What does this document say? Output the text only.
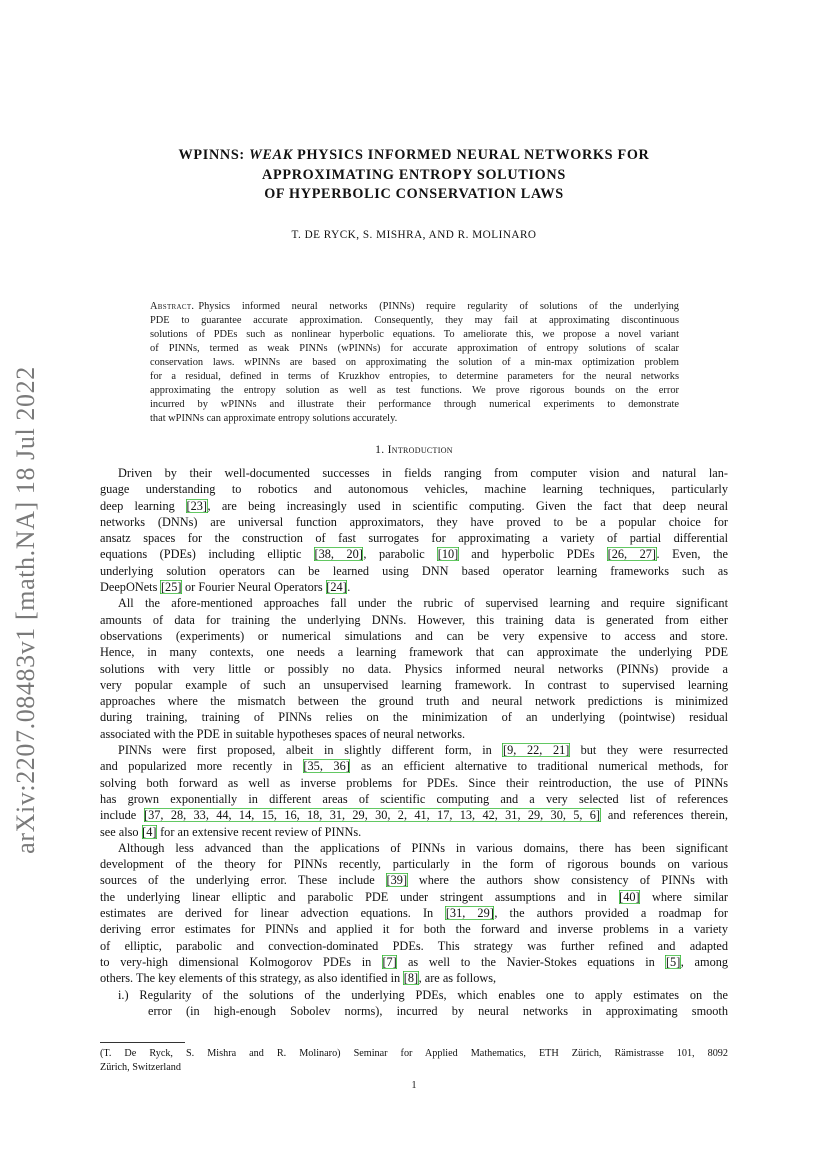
arXiv:2207.08483v1 [math.NA] 18 Jul 2022
WPINNS: WEAK PHYSICS INFORMED NEURAL NETWORKS FOR
APPROXIMATING ENTROPY SOLUTIONS
OF HYPERBOLIC CONSERVATION LAWS
T. DE RYCK, S. MISHRA, AND R. MOLINARO
Abstract. Physics informed neural networks (PINNs) require regularity of solutions of the underlying
PDE to guarantee accurate approximation. Consequently, they may fail at approximating discontinuous
solutions of PDEs such as nonlinear hyperbolic equations. To ameliorate this, we propose a novel variant
of PINNs, termed as weak PINNs (wPINNs) for accurate approximation of entropy solutions of scalar
conservation laws. wPINNs are based on approximating the solution of a min-max optimization problem
for a residual, defined in terms of Kruzkhov entropies, to determine parameters for the neural networks
approximating the entropy solution as well as test functions. We prove rigorous bounds on the error
incurred by wPINNs and illustrate their performance through numerical experiments to demonstrate
that wPINNs can approximate entropy solutions accurately.
1. Introduction
Driven by their well-documented successes in fields ranging from computer vision and natural lan-
guage understanding to robotics and autonomous vehicles, machine learning techniques, particularly
deep learning [23], are being increasingly used in scientific computing. Given the fact that deep neural
networks (DNNs) are universal function approximators, they have proved to be a popular choice for
ansatz spaces for the construction of fast surrogates for approximating a variety of partial differential
equations (PDEs) including elliptic [38, 20], parabolic [10] and hyperbolic PDEs [26, 27]. Even, the
underlying solution operators can be learned using DNN based operator learning frameworks such as
DeepONets [25] or Fourier Neural Operators [24].
All the afore-mentioned approaches fall under the rubric of supervised learning and require significant
amounts of data for training the underlying DNNs. However, this training data is generated from either
observations (experiments) or numerical simulations and can be very expensive to access and store.
Hence, in many contexts, one needs a learning framework that can approximate the underlying PDE
solutions with very little or possibly no data. Physics informed neural networks (PINNs) provide a
very popular example of such an unsupervised learning framework. In contrast to supervised learning
approaches where the mismatch between the ground truth and neural network predictions is minimized
during training, training of PINNs relies on the minimization of an underlying (pointwise) residual
associated with the PDE in suitable hypotheses spaces of neural networks.
PINNs were first proposed, albeit in slightly different form, in [9, 22, 21] but they were resurrected
and popularized more recently in [35, 36] as an efficient alternative to traditional numerical methods, for
solving both forward as well as inverse problems for PDEs. Since their reintroduction, the use of PINNs
has grown exponentially in different areas of scientific computing and a very selected list of references
include [37, 28, 33, 44, 14, 15, 16, 18, 31, 29, 30, 2, 41, 17, 13, 42, 31, 29, 30, 5, 6] and references therein,
see also [4] for an extensive recent review of PINNs.
Although less advanced than the applications of PINNs in various domains, there has been significant
development of the theory for PINNs recently, particularly in the form of rigorous bounds on various
sources of the underlying error. These include [39] where the authors show consistency of PINNs with
the underlying linear elliptic and parabolic PDE under stringent assumptions and in [40] where similar
estimates are derived for linear advection equations. In [31, 29], the authors provided a roadmap for
deriving error estimates for PINNs and applied it for both the forward and inverse problems in a variety
of elliptic, parabolic and convection-dominated PDEs. This strategy was further refined and adapted
to very-high dimensional Kolmogorov PDEs in [7] as well to the Navier-Stokes equations in [5], among
others. The key elements of this strategy, as also identified in [8], are as follows,
i.) Regularity of the solutions of the underlying PDEs, which enables one to apply estimates on the
error (in high-enough Sobolev norms), incurred by neural networks in approximating smooth
(T. De Ryck, S. Mishra and R. Molinaro) Seminar for Applied Mathematics, ETH Zürich, Rämistrasse 101, 8092
Zürich, Switzerland
1
